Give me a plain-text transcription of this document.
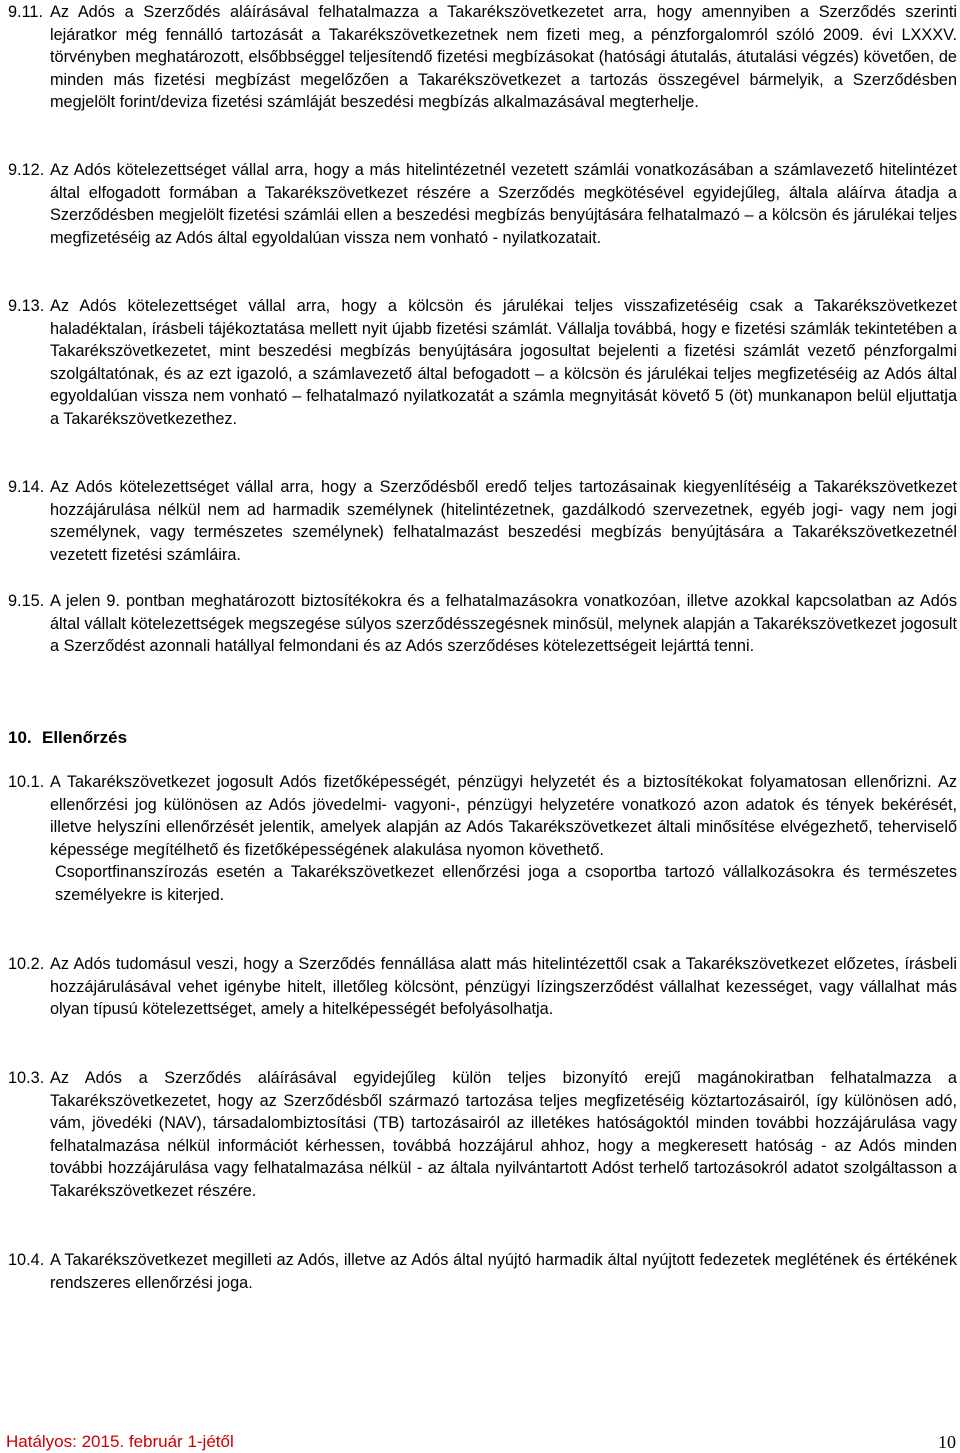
9.11. Az Adós a Szerződés aláírásával felhatalmazza a Takarékszövetkezetet arra, hogy amennyiben a Szerződés szerinti lejáratkor még fennálló tartozását a Takarékszövetkezetnek nem fizeti meg, a pénzforgalomról szóló 2009. évi LXXXV. törvényben meghatározott, elsőbbséggel teljesítendő fizetési megbízásokat (hatósági átutalás, átutalási végzés) követően, de minden más fizetési megbízást megelőzően a Takarékszövetkezet a tartozás összegével bármelyik, a Szerződésben megjelölt forint/deviza fizetési számláját beszedési megbízás alkalmazásával megterhelje.
9.12. Az Adós kötelezettséget vállal arra, hogy a más hitelintézetnél vezetett számlái vonatkozásában a számlavezető hitelintézet által elfogadott formában a Takarékszövetkezet részére a Szerződés megkötésével egyidejűleg, általa aláírva átadja a Szerződésben megjelölt fizetési számlái ellen a beszedési megbízás benyújtására felhatalmazó – a kölcsön és járulékai teljes megfizetéséig az Adós által egyoldalúan vissza nem vonható - nyilatkozatait.
9.13. Az Adós kötelezettséget vállal arra, hogy a kölcsön és járulékai teljes visszafizetéséig csak a Takarékszövetkezet haladéktalan, írásbeli tájékoztatása mellett nyit újabb fizetési számlát. Vállalja továbbá, hogy e fizetési számlák tekintetében a Takarékszövetkezetet, mint beszedési megbízás benyújtására jogosultat bejelenti a fizetési számlát vezető pénzforgalmi szolgáltatónak, és az ezt igazoló, a számlavezető által befogadott – a kölcsön és járulékai teljes megfizetéséig az Adós által egyoldalúan vissza nem vonható – felhatalmazó nyilatkozatát a számla megnyitását követő 5 (öt) munkanapon belül eljuttatja a Takarékszövetkezethez.
9.14. Az Adós kötelezettséget vállal arra, hogy a Szerződésből eredő teljes tartozásainak kiegyenlítéséig a Takarékszövetkezet hozzájárulása nélkül nem ad harmadik személynek (hitelintézetnek, gazdálkodó szervezetnek, egyéb jogi- vagy nem jogi személynek, vagy természetes személynek) felhatalmazást beszedési megbízás benyújtására a Takarékszövetkezetnél vezetett fizetési számláira.
9.15. A jelen 9. pontban meghatározott biztosítékokra és a felhatalmazásokra vonatkozóan, illetve azokkal kapcsolatban az Adós által vállalt kötelezettségek megszegése súlyos szerződésszegésnek minősül, melynek alapján a Takarékszövetkezet jogosult a Szerződést azonnali hatállyal felmondani és az Adós szerződéses kötelezettségeit lejárttá tenni.
10. Ellenőrzés
10.1. A Takarékszövetkezet jogosult Adós fizetőképességét, pénzügyi helyzetét és a biztosítékokat folyamatosan ellenőrizni. Az ellenőrzési jog különösen az Adós jövedelmi- vagyoni-, pénzügyi helyzetére vonatkozó azon adatok és tények bekérését, illetve helyszíni ellenőrzését jelentik, amelyek alapján az Adós Takarékszövetkezet általi minősítése elvégezhető, teherviselő képessége megítélhető és fizetőképességének alakulása nyomon követhető.

Csoportfinanszírozás esetén a Takarékszövetkezet ellenőrzési joga a csoportba tartozó vállalkozásokra és természetes személyekre is kiterjed.

10.2. Az Adós tudomásul veszi, hogy a Szerződés fennállása alatt más hitelintézettől csak a Takarékszövetkezet előzetes, írásbeli hozzájárulásával vehet igénybe hitelt, illetőleg kölcsönt, pénzügyi lízingszerződést vállalhat kezességet, vagy vállalhat más olyan típusú kötelezettséget, amely a hitelképességét befolyásolhatja.
10.3. Az Adós a Szerződés aláírásával egyidejűleg külön teljes bizonyító erejű magánokiratban felhatalmazza a Takarékszövetkezetet, hogy az Szerződésből származó tartozása teljes megfizetéséig köztartozásairól, így különösen adó, vám, jövedéki (NAV), társadalombiztosítási (TB) tartozásairól az illetékes hatóságoktól minden további hozzájárulása vagy felhatalmazása nélkül információt kérhessen, továbbá hozzájárul ahhoz, hogy a megkeresett hatóság - az Adós minden további hozzájárulása vagy felhatalmazása nélkül - az általa nyilvántartott Adóst terhelő tartozásokról adatot szolgáltasson a Takarékszövetkezet részére.
10.4. A Takarékszövetkezet megilleti az Adós, illetve az Adós által nyújtó harmadik által nyújtott fedezetek meglétének és értékének rendszeres ellenőrzési joga.
Hatályos: 2015. február 1-jétől	10
